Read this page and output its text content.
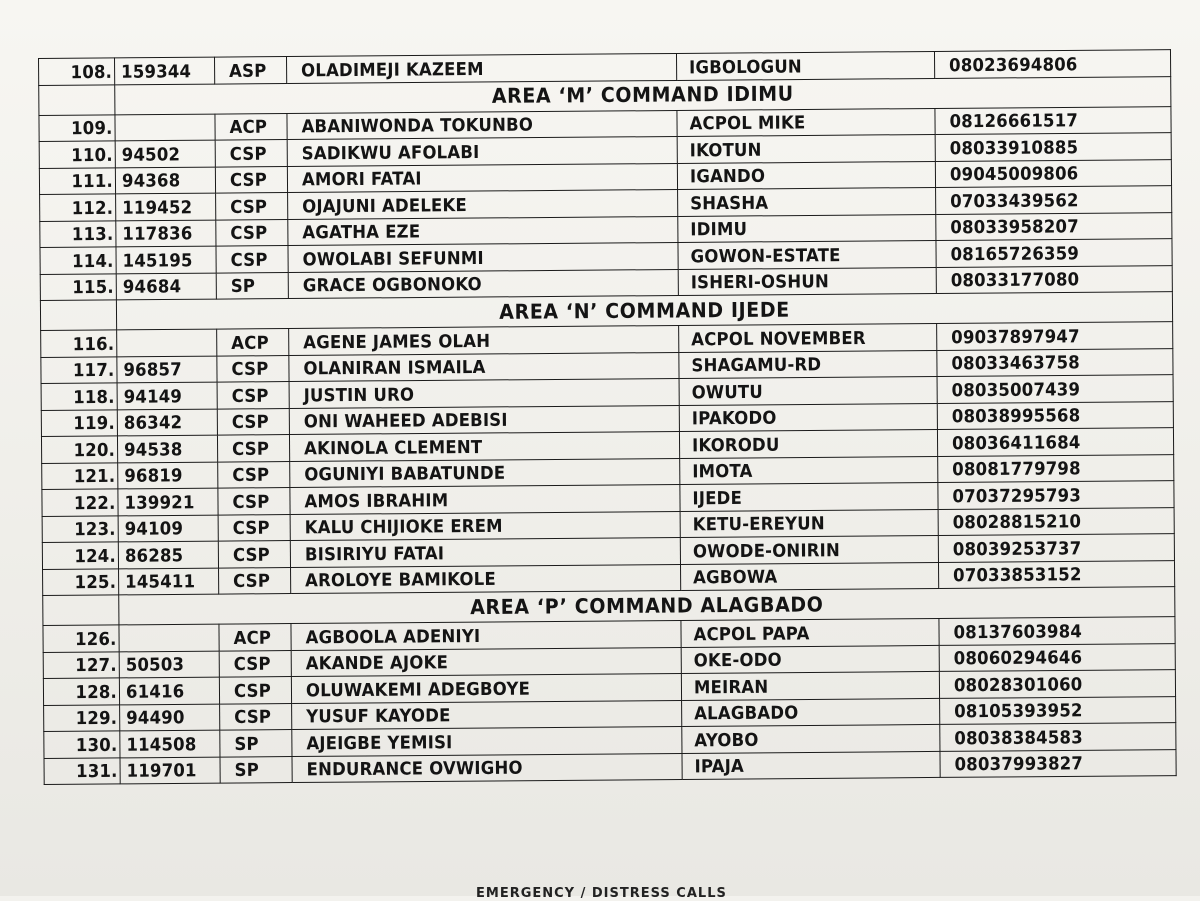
108.	159344	ASP	OLADIMEJI KAZEEM	IGBOLOGUN	08023694806
	AREA ‘M’ COMMAND IDIMU				
109.		ACP	ABANIWONDA TOKUNBO	ACPOL MIKE	08126661517
110.	94502	CSP	SADIKWU AFOLABI	IKOTUN	08033910885
111.	94368	CSP	AMORI FATAI	IGANDO	09045009806
112.	119452	CSP	OJAJUNI ADELEKE	SHASHA	07033439562
113.	117836	CSP	AGATHA EZE	IDIMU	08033958207
114.	145195	CSP	OWOLABI SEFUNMI	GOWON-ESTATE	08165726359
115.	94684	SP	GRACE OGBONOKO	ISHERI-OSHUN	08033177080
	AREA ‘N’ COMMAND IJEDE				
116.		ACP	AGENE JAMES OLAH	ACPOL NOVEMBER	09037897947
117.	96857	CSP	OLANIRAN ISMAILA	SHAGAMU-RD	08033463758
118.	94149	CSP	JUSTIN URO	OWUTU	08035007439
119.	86342	CSP	ONI WAHEED ADEBISI	IPAKODO	08038995568
120.	94538	CSP	AKINOLA CLEMENT	IKORODU	08036411684
121.	96819	CSP	OGUNIYI BABATUNDE	IMOTA	08081779798
122.	139921	CSP	AMOS IBRAHIM	IJEDE	07037295793
123.	94109	CSP	KALU CHIJIOKE EREM	KETU-EREYUN	08028815210
124.	86285	CSP	BISIRIYU FATAI	OWODE-ONIRIN	08039253737
125.	145411	CSP	AROLOYE BAMIKOLE	AGBOWA	07033853152
	AREA ‘P’ COMMAND ALAGBADO				
126.		ACP	AGBOOLA ADENIYI	ACPOL PAPA	08137603984
127.	50503	CSP	AKANDE AJOKE	OKE-ODO	08060294646
128.	61416	CSP	OLUWAKEMI ADEGBOYE	MEIRAN	08028301060
129.	94490	CSP	YUSUF KAYODE	ALAGBADO	08105393952
130.	114508	SP	AJEIGBE YEMISI	AYOBO	08038384583
131.	119701	SP	ENDURANCE OVWIGHO	IPAJA	08037993827
EMERGENCY / DISTRESS CALLS
